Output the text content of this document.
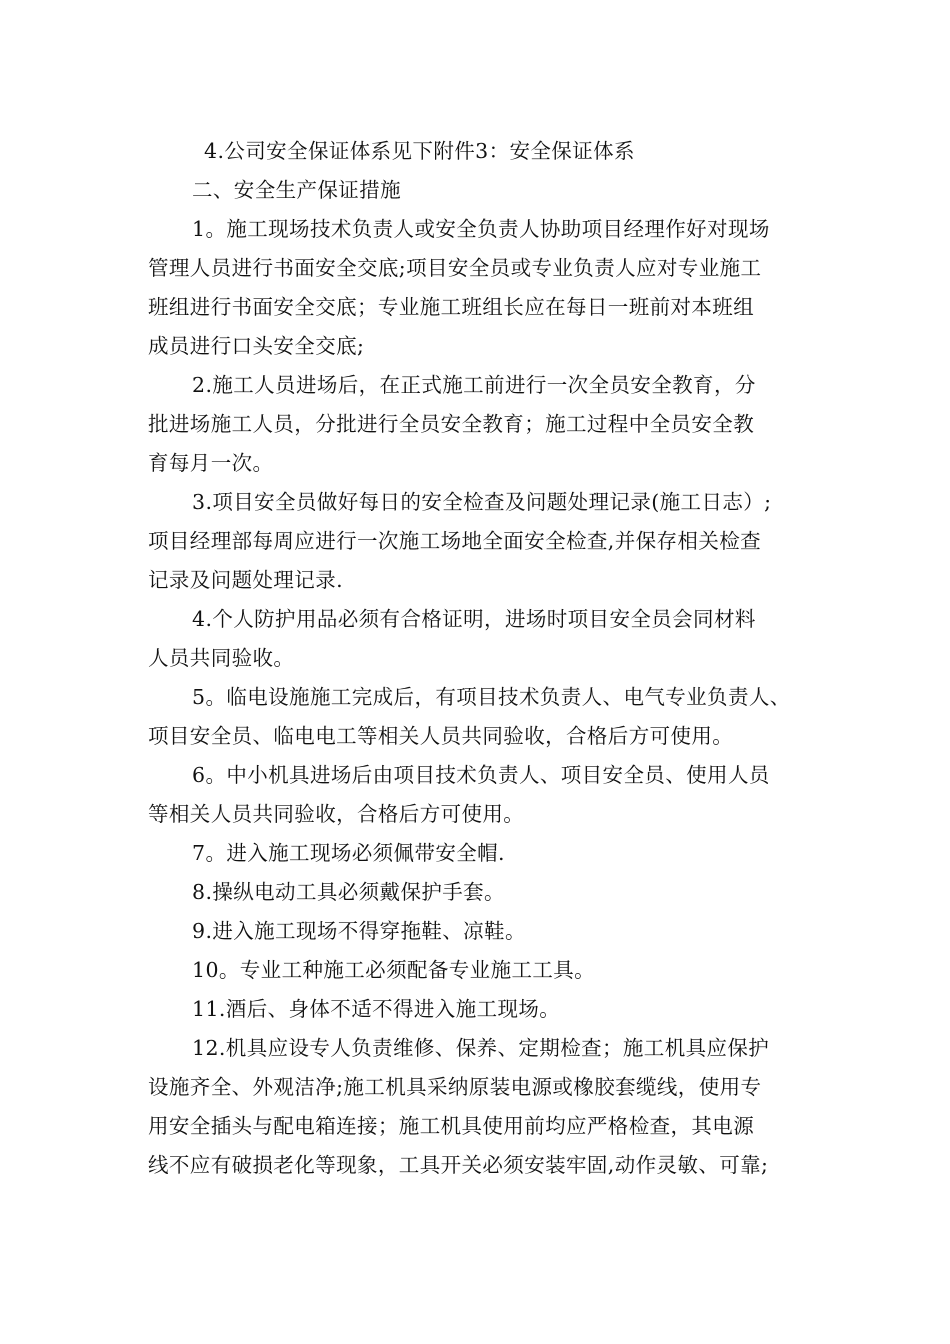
4.公司安全保证体系见下附件3：安全保证体系
二、安全生产保证措施
1。施工现场技术负责人或安全负责人协助项目经理作好对现场
管理人员进行书面安全交底;项目安全员或专业负责人应对专业施工
班组进行书面安全交底；专业施工班组长应在每日一班前对本班组
成员进行口头安全交底;
2.施工人员进场后，在正式施工前进行一次全员安全教育，分
批进场施工人员，分批进行全员安全教育；施工过程中全员安全教
育每月一次。
3.项目安全员做好每日的安全检查及问题处理记录(施工日志）;
项目经理部每周应进行一次施工场地全面安全检查,并保存相关检查
记录及问题处理记录.
4.个人防护用品必须有合格证明，进场时项目安全员会同材料
人员共同验收。
5。临电设施施工完成后，有项目技术负责人、电气专业负责人、
项目安全员、临电电工等相关人员共同验收，合格后方可使用。
6。中小机具进场后由项目技术负责人、项目安全员、使用人员
等相关人员共同验收，合格后方可使用。
7。进入施工现场必须佩带安全帽.
8.操纵电动工具必须戴保护手套。
9.进入施工现场不得穿拖鞋、凉鞋。
10。专业工种施工必须配备专业施工工具。
11.酒后、身体不适不得进入施工现场。
12.机具应设专人负责维修、保养、定期检查；施工机具应保护
设施齐全、外观洁净;施工机具采纳原装电源或橡胶套缆线，使用专
用安全插头与配电箱连接；施工机具使用前均应严格检查，其电源
线不应有破损老化等现象，工具开关必须安装牢固,动作灵敏、可靠;
